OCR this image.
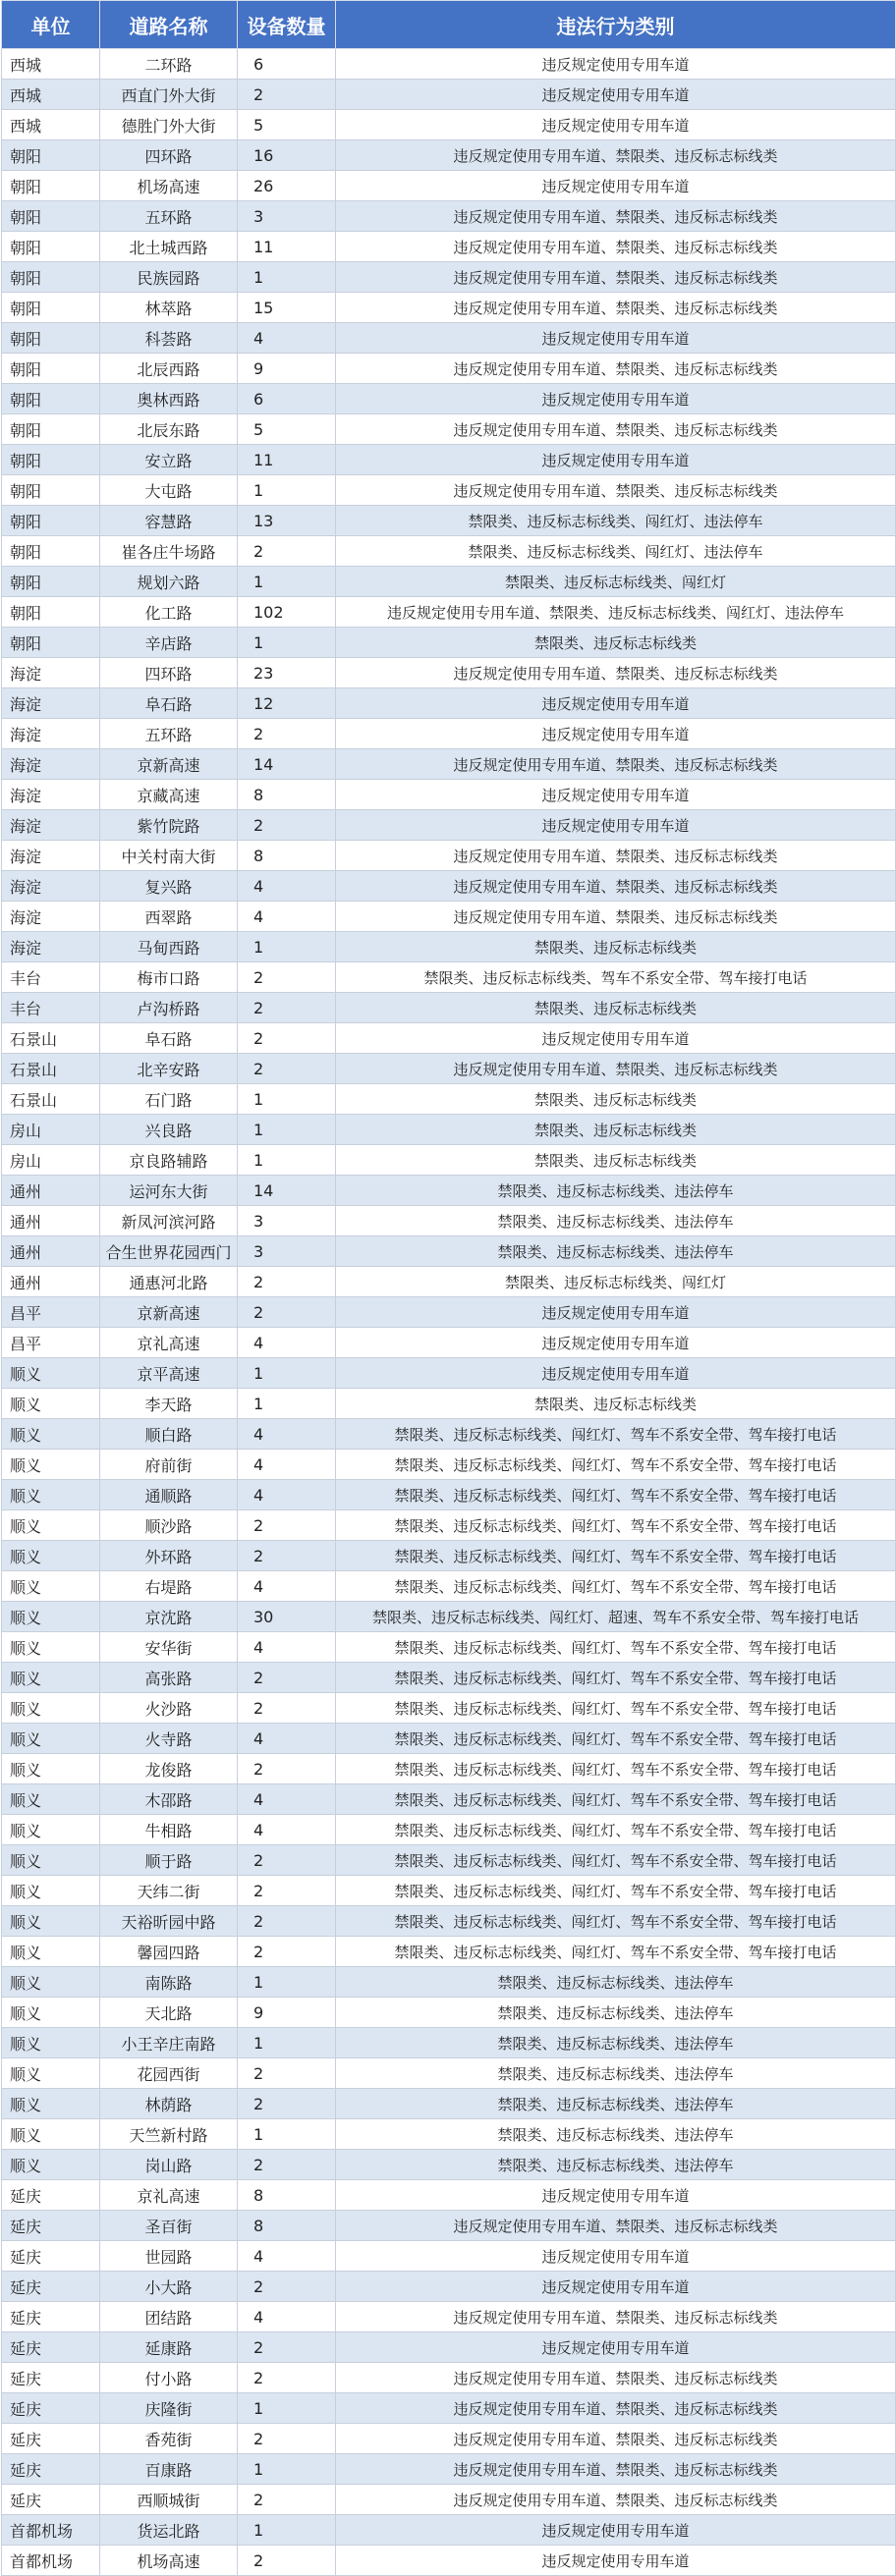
单位	道路名称	设备数量	违法行为类别
西城	二环路	6	违反规定使用专用车道
西城	西直门外大街	2	违反规定使用专用车道
西城	德胜门外大街	5	违反规定使用专用车道
朝阳	四环路	16	违反规定使用专用车道、禁限类、违反标志标线类
朝阳	机场高速	26	违反规定使用专用车道
朝阳	五环路	3	违反规定使用专用车道、禁限类、违反标志标线类
朝阳	北土城西路	11	违反规定使用专用车道、禁限类、违反标志标线类
朝阳	民族园路	1	违反规定使用专用车道、禁限类、违反标志标线类
朝阳	林萃路	15	违反规定使用专用车道、禁限类、违反标志标线类
朝阳	科荟路	4	违反规定使用专用车道
朝阳	北辰西路	9	违反规定使用专用车道、禁限类、违反标志标线类
朝阳	奥林西路	6	违反规定使用专用车道
朝阳	北辰东路	5	违反规定使用专用车道、禁限类、违反标志标线类
朝阳	安立路	11	违反规定使用专用车道
朝阳	大屯路	1	违反规定使用专用车道、禁限类、违反标志标线类
朝阳	容慧路	13	禁限类、违反标志标线类、闯红灯、违法停车
朝阳	崔各庄牛场路	2	禁限类、违反标志标线类、闯红灯、违法停车
朝阳	规划六路	1	禁限类、违反标志标线类、闯红灯
朝阳	化工路	102	违反规定使用专用车道、禁限类、违反标志标线类、闯红灯、违法停车
朝阳	辛店路	1	禁限类、违反标志标线类
海淀	四环路	23	违反规定使用专用车道、禁限类、违反标志标线类
海淀	阜石路	12	违反规定使用专用车道
海淀	五环路	2	违反规定使用专用车道
海淀	京新高速	14	违反规定使用专用车道、禁限类、违反标志标线类
海淀	京藏高速	8	违反规定使用专用车道
海淀	紫竹院路	2	违反规定使用专用车道
海淀	中关村南大街	8	违反规定使用专用车道、禁限类、违反标志标线类
海淀	复兴路	4	违反规定使用专用车道、禁限类、违反标志标线类
海淀	西翠路	4	违反规定使用专用车道、禁限类、违反标志标线类
海淀	马甸西路	1	禁限类、违反标志标线类
丰台	梅市口路	2	禁限类、违反标志标线类、驾车不系安全带、驾车接打电话
丰台	卢沟桥路	2	禁限类、违反标志标线类
石景山	阜石路	2	违反规定使用专用车道
石景山	北辛安路	2	违反规定使用专用车道、禁限类、违反标志标线类
石景山	石门路	1	禁限类、违反标志标线类
房山	兴良路	1	禁限类、违反标志标线类
房山	京良路辅路	1	禁限类、违反标志标线类
通州	运河东大街	14	禁限类、违反标志标线类、违法停车
通州	新凤河滨河路	3	禁限类、违反标志标线类、违法停车
通州	合生世界花园西门	3	禁限类、违反标志标线类、违法停车
通州	通惠河北路	2	禁限类、违反标志标线类、闯红灯
昌平	京新高速	2	违反规定使用专用车道
昌平	京礼高速	4	违反规定使用专用车道
顺义	京平高速	1	违反规定使用专用车道
顺义	李天路	1	禁限类、违反标志标线类
顺义	顺白路	4	禁限类、违反标志标线类、闯红灯、驾车不系安全带、驾车接打电话
顺义	府前街	4	禁限类、违反标志标线类、闯红灯、驾车不系安全带、驾车接打电话
顺义	通顺路	4	禁限类、违反标志标线类、闯红灯、驾车不系安全带、驾车接打电话
顺义	顺沙路	2	禁限类、违反标志标线类、闯红灯、驾车不系安全带、驾车接打电话
顺义	外环路	2	禁限类、违反标志标线类、闯红灯、驾车不系安全带、驾车接打电话
顺义	右堤路	4	禁限类、违反标志标线类、闯红灯、驾车不系安全带、驾车接打电话
顺义	京沈路	30	禁限类、违反标志标线类、闯红灯、超速、驾车不系安全带、驾车接打电话
顺义	安华街	4	禁限类、违反标志标线类、闯红灯、驾车不系安全带、驾车接打电话
顺义	高张路	2	禁限类、违反标志标线类、闯红灯、驾车不系安全带、驾车接打电话
顺义	火沙路	2	禁限类、违反标志标线类、闯红灯、驾车不系安全带、驾车接打电话
顺义	火寺路	4	禁限类、违反标志标线类、闯红灯、驾车不系安全带、驾车接打电话
顺义	龙俊路	2	禁限类、违反标志标线类、闯红灯、驾车不系安全带、驾车接打电话
顺义	木邵路	4	禁限类、违反标志标线类、闯红灯、驾车不系安全带、驾车接打电话
顺义	牛相路	4	禁限类、违反标志标线类、闯红灯、驾车不系安全带、驾车接打电话
顺义	顺于路	2	禁限类、违反标志标线类、闯红灯、驾车不系安全带、驾车接打电话
顺义	天纬二街	2	禁限类、违反标志标线类、闯红灯、驾车不系安全带、驾车接打电话
顺义	天裕昕园中路	2	禁限类、违反标志标线类、闯红灯、驾车不系安全带、驾车接打电话
顺义	馨园四路	2	禁限类、违反标志标线类、闯红灯、驾车不系安全带、驾车接打电话
顺义	南陈路	1	禁限类、违反标志标线类、违法停车
顺义	天北路	9	禁限类、违反标志标线类、违法停车
顺义	小王辛庄南路	1	禁限类、违反标志标线类、违法停车
顺义	花园西街	2	禁限类、违反标志标线类、违法停车
顺义	林荫路	2	禁限类、违反标志标线类、违法停车
顺义	天竺新村路	1	禁限类、违反标志标线类、违法停车
顺义	岗山路	2	禁限类、违反标志标线类、违法停车
延庆	京礼高速	8	违反规定使用专用车道
延庆	圣百街	8	违反规定使用专用车道、禁限类、违反标志标线类
延庆	世园路	4	违反规定使用专用车道
延庆	小大路	2	违反规定使用专用车道
延庆	团结路	4	违反规定使用专用车道、禁限类、违反标志标线类
延庆	延康路	2	违反规定使用专用车道
延庆	付小路	2	违反规定使用专用车道、禁限类、违反标志标线类
延庆	庆隆街	1	违反规定使用专用车道、禁限类、违反标志标线类
延庆	香苑街	2	违反规定使用专用车道、禁限类、违反标志标线类
延庆	百康路	1	违反规定使用专用车道、禁限类、违反标志标线类
延庆	西顺城街	2	违反规定使用专用车道、禁限类、违反标志标线类
首都机场	货运北路	1	违反规定使用专用车道
首都机场	机场高速	2	违反规定使用专用车道
